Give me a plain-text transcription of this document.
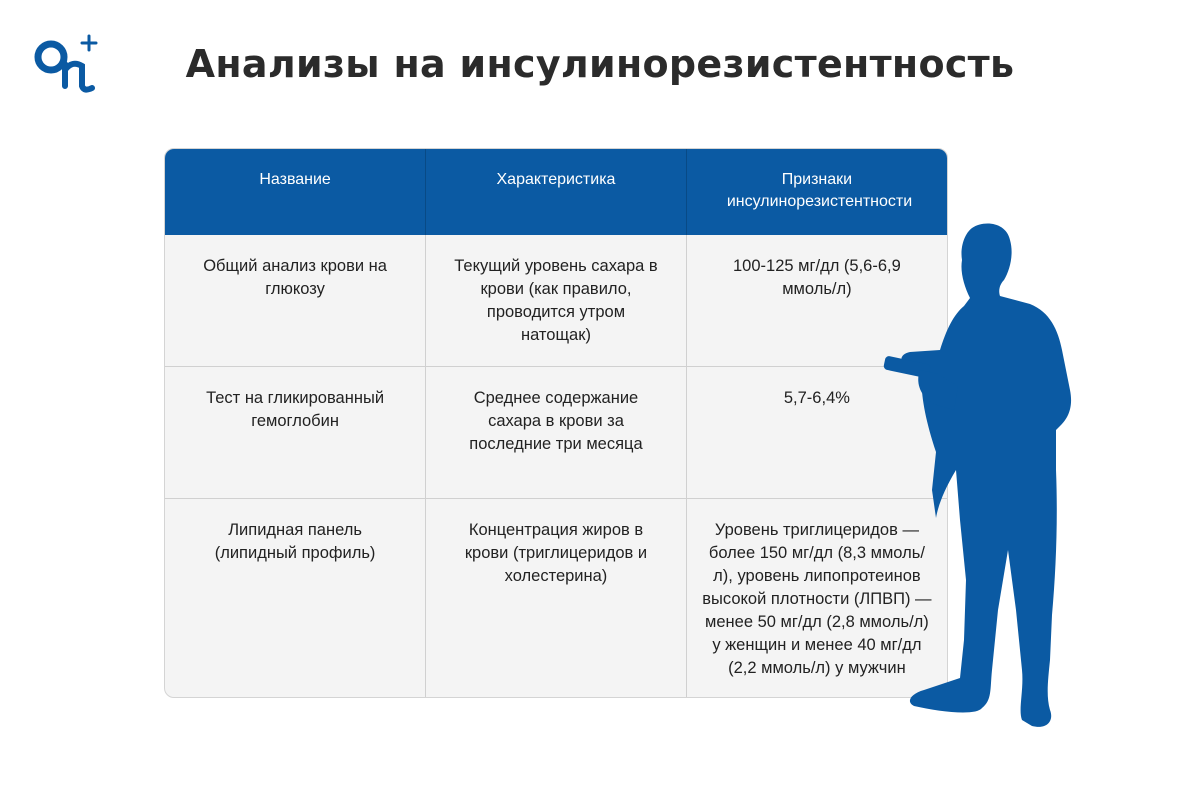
Анализы на инсулинорезистентность
Название	Характеристика	Признаки инсулинорезистентности
Общий анализ крови на глюкозу	Текущий уровень сахара в крови (как правило, проводится утром натощак)	100-125 мг/дл (5,6-6,9 ммоль/л)
Тест на гликированный гемоглобин	Среднее содержание сахара в крови за последние три месяца	5,7-6,4%
Липидная панель (липидный профиль)	Концентрация жиров в крови (триглицеридов и холестерина)	Уровень триглицеридов — более 150 мг/дл (8,3 ммоль/л), уровень липопротеинов высокой плотности (ЛПВП) — менее 50 мг/дл (2,8 ммоль/л) у женщин и менее 40 мг/дл (2,2 ммоль/л) у мужчин
